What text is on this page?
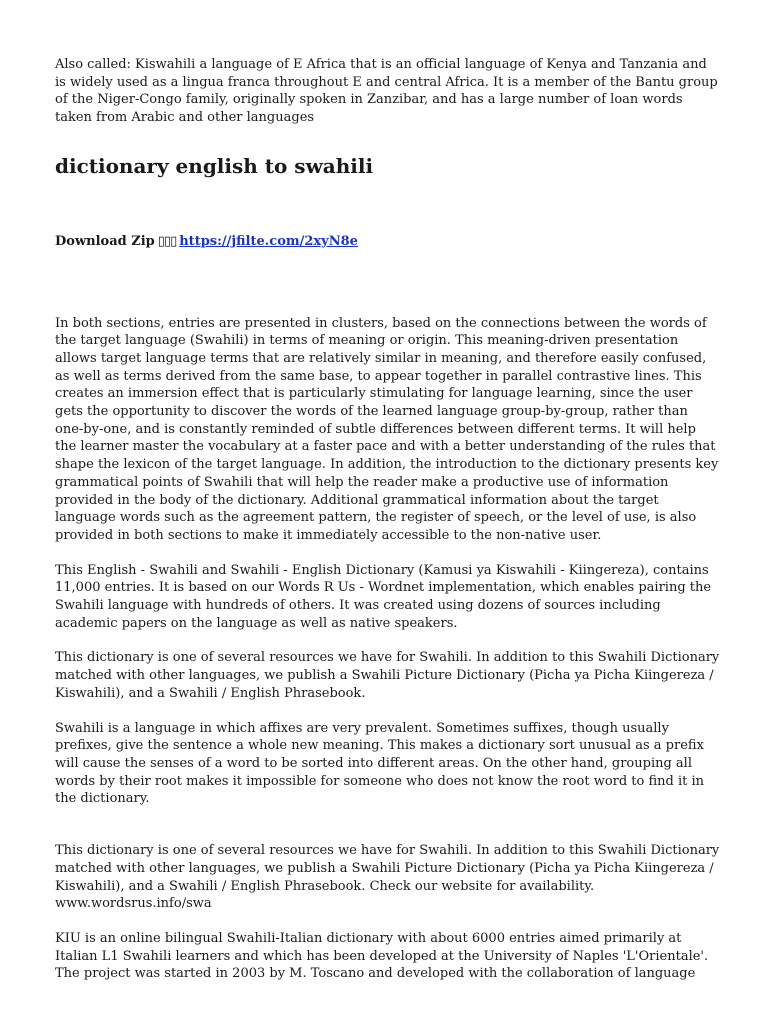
Also called: Kiswahili a language of E Africa that is an official language of Kenya and Tanzania and is widely used as a lingua franca throughout E and central Africa. It is a member of the Bantu group of the Niger-Congo family, originally spoken in Zanzibar, and has a large number of loan words taken from Arabic and other languages

dictionary english to swahili
Download Zip ▯▯▯ https://jfilte.com/2xyN8e

In both sections, entries are presented in clusters, based on the connections between the words of the target language (Swahili) in terms of meaning or origin. This meaning-driven presentation allows target language terms that are relatively similar in meaning, and therefore easily confused, as well as terms derived from the same base, to appear together in parallel contrastive lines. This creates an immersion effect that is particularly stimulating for language learning, since the user gets the opportunity to discover the words of the learned language group-by-group, rather than one-by-one, and is constantly reminded of subtle differences between different terms. It will help the learner master the vocabulary at a faster pace and with a better understanding of the rules that shape the lexicon of the target language. In addition, the introduction to the dictionary presents key grammatical points of Swahili that will help the reader make a productive use of information provided in the body of the dictionary. Additional grammatical information about the target language words such as the agreement pattern, the register of speech, or the level of use, is also provided in both sections to make it immediately accessible to the non-native user.

This English - Swahili and Swahili - English Dictionary (Kamusi ya Kiswahili - Kiingereza), contains 11,000 entries. It is based on our Words R Us - Wordnet implementation, which enables pairing the Swahili language with hundreds of others. It was created using dozens of sources including academic papers on the language as well as native speakers.

This dictionary is one of several resources we have for Swahili. In addition to this Swahili Dictionary matched with other languages, we publish a Swahili Picture Dictionary (Picha ya Picha Kiingereza / Kiswahili), and a Swahili / English Phrasebook.

Swahili is a language in which affixes are very prevalent. Sometimes suffixes, though usually prefixes, give the sentence a whole new meaning. This makes a dictionary sort unusual as a prefix will cause the senses of a word to be sorted into different areas. On the other hand, grouping all words by their root makes it impossible for someone who does not know the root word to find it in the dictionary.

This dictionary is one of several resources we have for Swahili. In addition to this Swahili Dictionary matched with other languages, we publish a Swahili Picture Dictionary (Picha ya Picha Kiingereza / Kiswahili), and a Swahili / English Phrasebook. Check our website for availability. www.wordsrus.info/swa

KIU is an online bilingual Swahili-Italian dictionary with about 6000 entries aimed primarily at Italian L1 Swahili learners and which has been developed at the University of Naples 'L'Orientale'. The project was started in 2003 by M. Toscano and developed with the collaboration of language
